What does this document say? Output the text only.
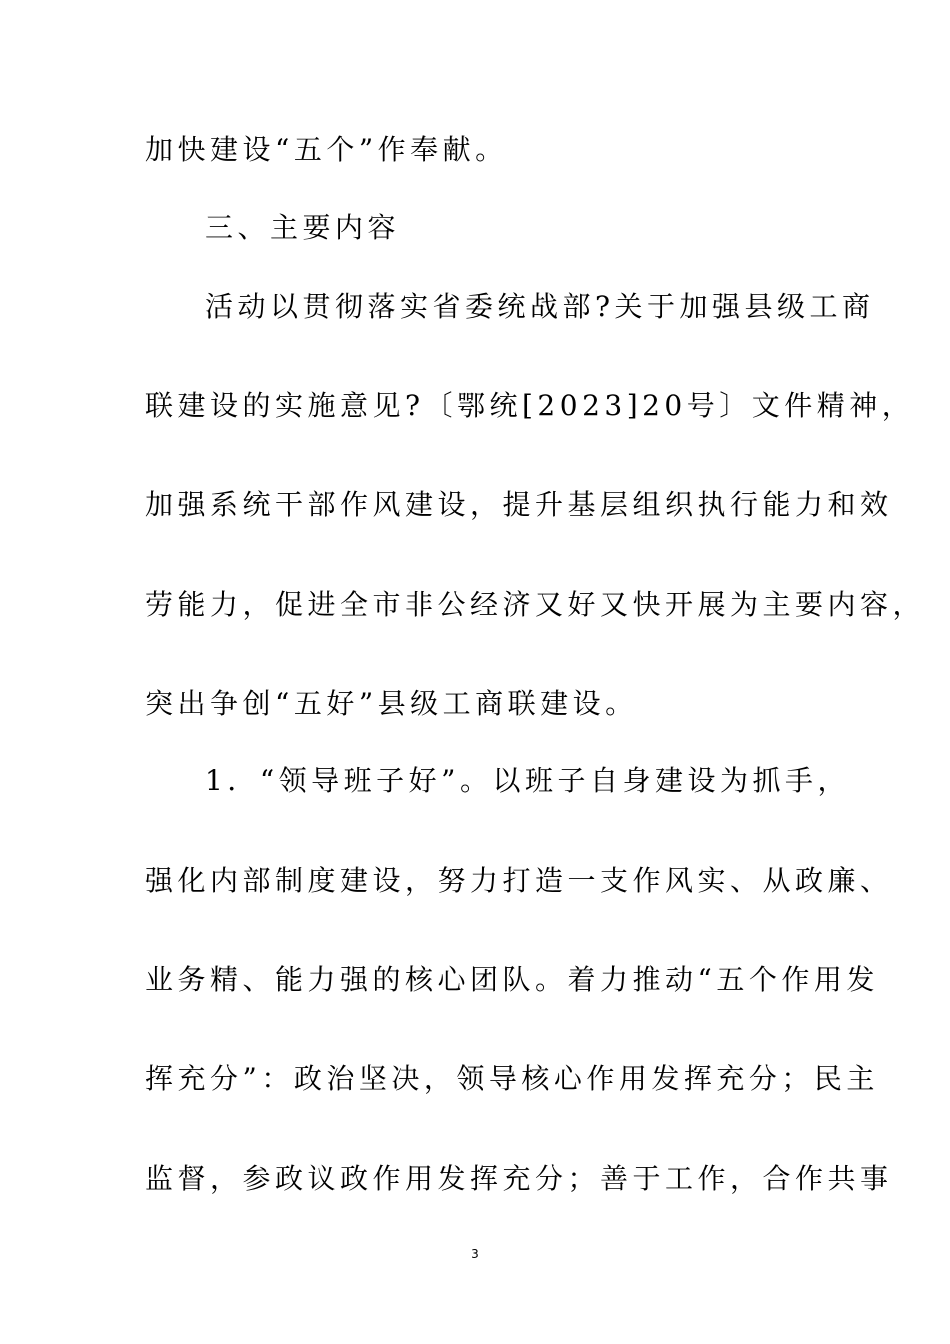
加快建设“五个”作奉献。
三、主要内容
活动以贯彻落实省委统战部?关于加强县级工商
联建设的实施意见?〔鄂统[2023]20号〕文件精神，
加强系统干部作风建设，提升基层组织执行能力和效
劳能力，促进全市非公经济又好又快开展为主要内容，
突出争创“五好”县级工商联建设。
1．“领导班子好”。以班子自身建设为抓手，
强化内部制度建设，努力打造一支作风实、从政廉、
业务精、能力强的核心团队。着力推动“五个作用发
挥充分”：政治坚决，领导核心作用发挥充分；民主
监督，参政议政作用发挥充分；善于工作，合作共事
3
